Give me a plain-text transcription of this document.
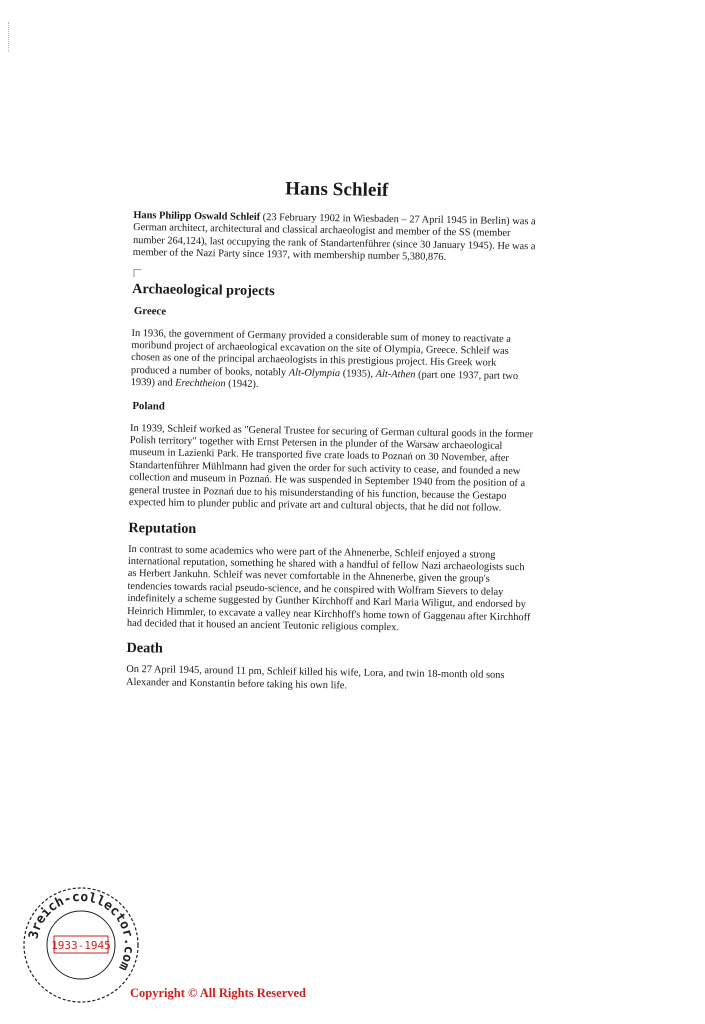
Hans Schleif

Hans Philipp Oswald Schleif (23 February 1902 in Wiesbaden – 27 April 1945 in Berlin) was a German architect, architectural and classical archaeologist and member of the SS (member number 264,124), last occupying the rank of Standartenführer (since 30 January 1945). He was a member of the Nazi Party since 1937, with membership number 5,380,876.

Archaeological projects
Greece

In 1936, the government of Germany provided a considerable sum of money to reactivate a moribund project of archaeological excavation on the site of Olympia, Greece. Schleif was chosen as one of the principal archaeologists in this prestigious project. His Greek work produced a number of books, notably Alt-Olympia (1935), Alt-Athen (part one 1937, part two 1939) and Erechtheion (1942).

Poland

In 1939, Schleif worked as "General Trustee for securing of German cultural goods in the former Polish territory" together with Ernst Petersen in the plunder of the Warsaw archaeological museum in Lazienki Park. He transported five crate loads to Poznań on 30 November, after Standartenführer Mühlmann had given the order for such activity to cease, and founded a new collection and museum in Poznań. He was suspended in September 1940 from the position of a general trustee in Poznań due to his misunderstanding of his function, because the Gestapo expected him to plunder public and private art and cultural objects, that he did not follow.

Reputation

In contrast to some academics who were part of the Ahnenerbe, Schleif enjoyed a strong international reputation, something he shared with a handful of fellow Nazi archaeologists such as Herbert Jankuhn. Schleif was never comfortable in the Ahnenerbe, given the group's tendencies towards racial pseudo-science, and he conspired with Wolfram Sievers to delay indefinitely a scheme suggested by Gunther Kirchhoff and Karl Maria Wiligut, and endorsed by Heinrich Himmler, to excavate a valley near Kirchhoff's home town of Gaggenau after Kirchhoff had decided that it housed an ancient Teutonic religious complex.

Death

On 27 April 1945, around 11 pm, Schleif killed his wife, Lora, and twin 18-month old sons Alexander and Konstantin before taking his own life.

3reich-collector.com
1933-1945
Copyright © All Rights Reserved
